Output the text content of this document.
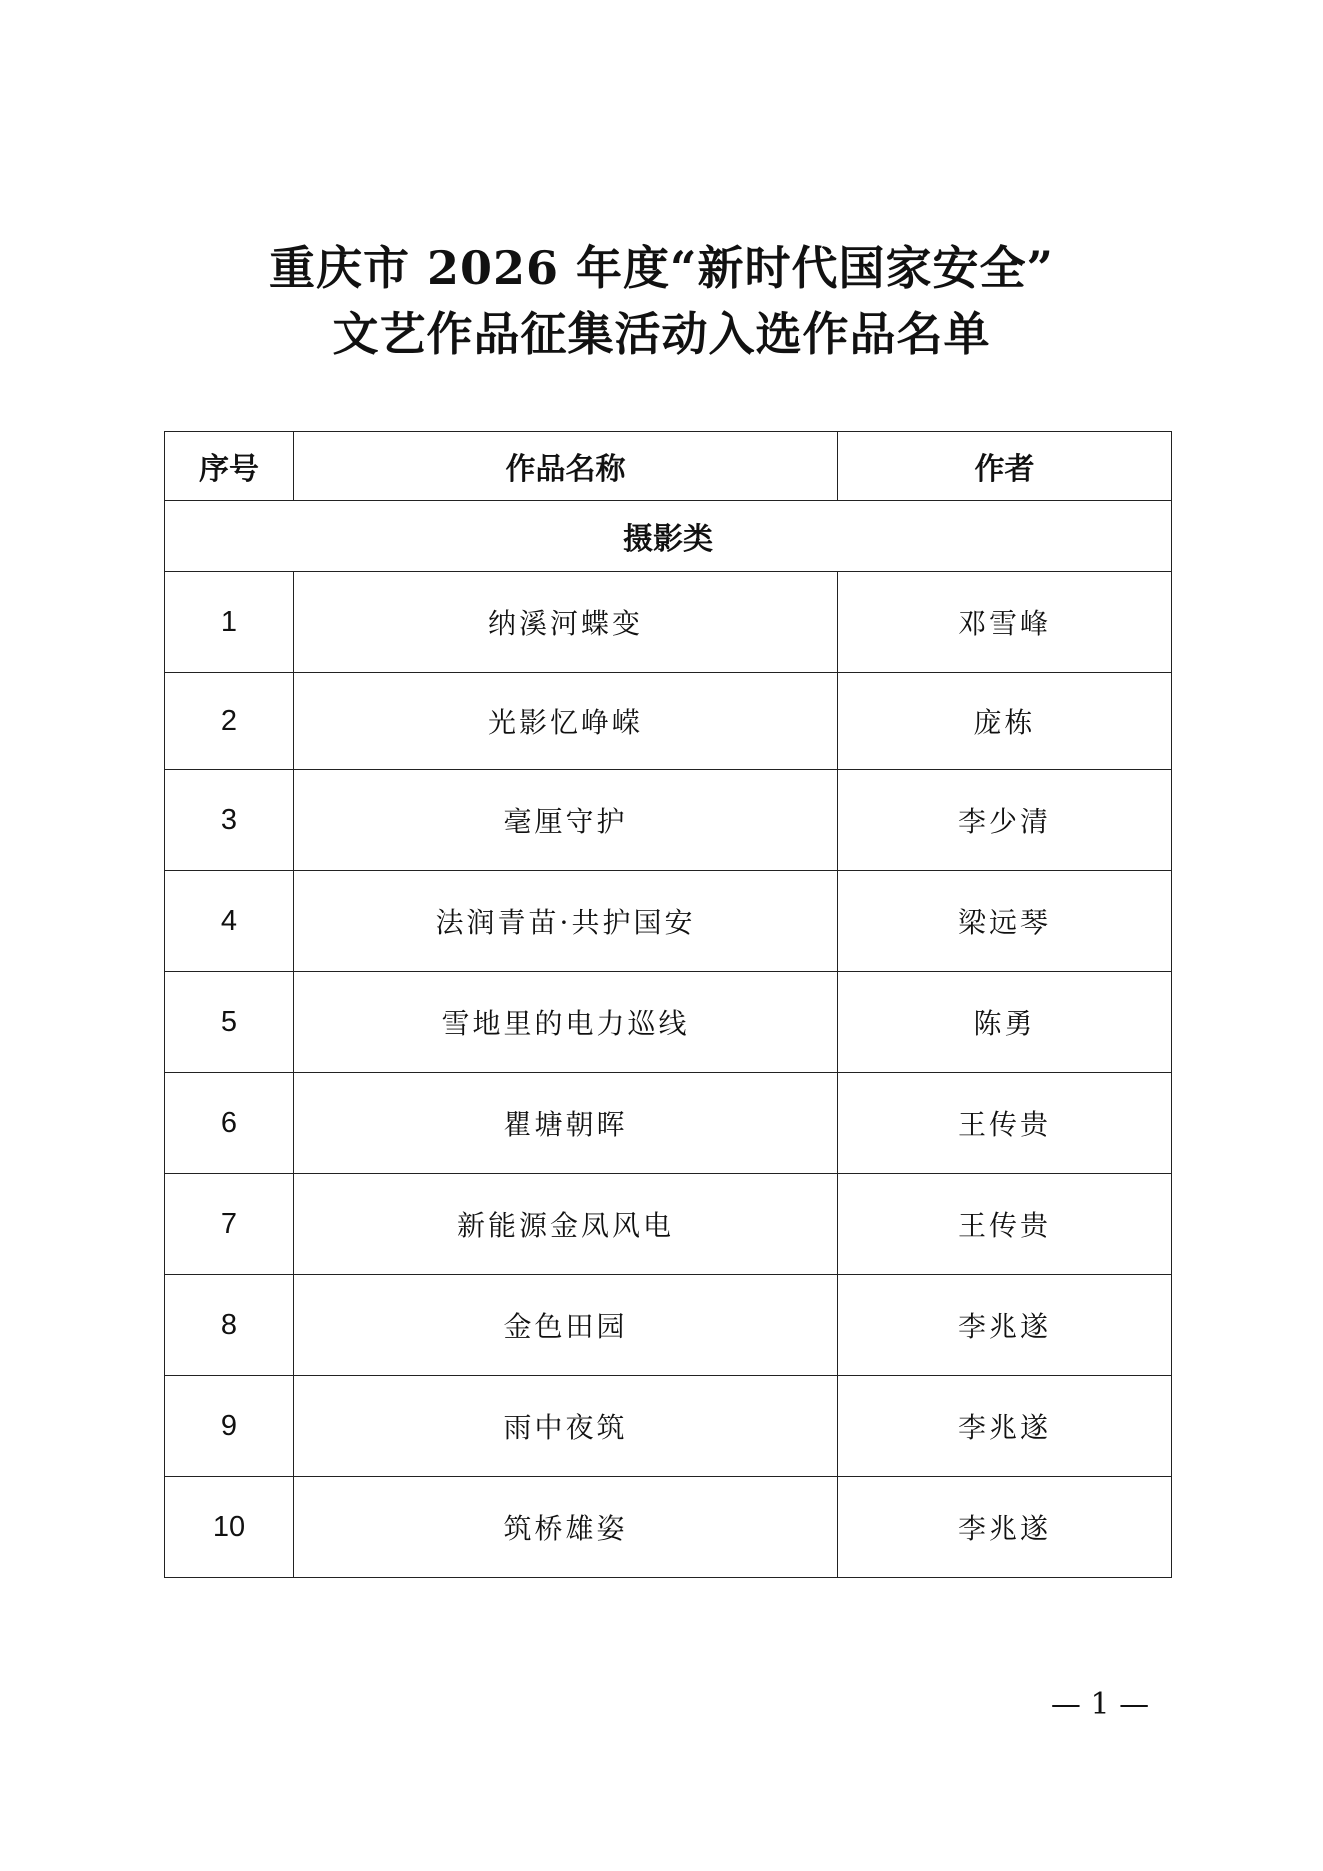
重庆市 2026 年度“新时代国家安全”
文艺作品征集活动入选作品名单
序号	作品名称	作者
摄影类		
1	纳溪河蝶变	邓雪峰
2	光影忆峥嵘	庞栋
3	毫厘守护	李少清
4	法润青苗·共护国安	梁远琴
5	雪地里的电力巡线	陈勇
6	瞿塘朝晖	王传贵
7	新能源金凤风电	王传贵
8	金色田园	李兆遂
9	雨中夜筑	李兆遂
10	筑桥雄姿	李兆遂
— 1 —
